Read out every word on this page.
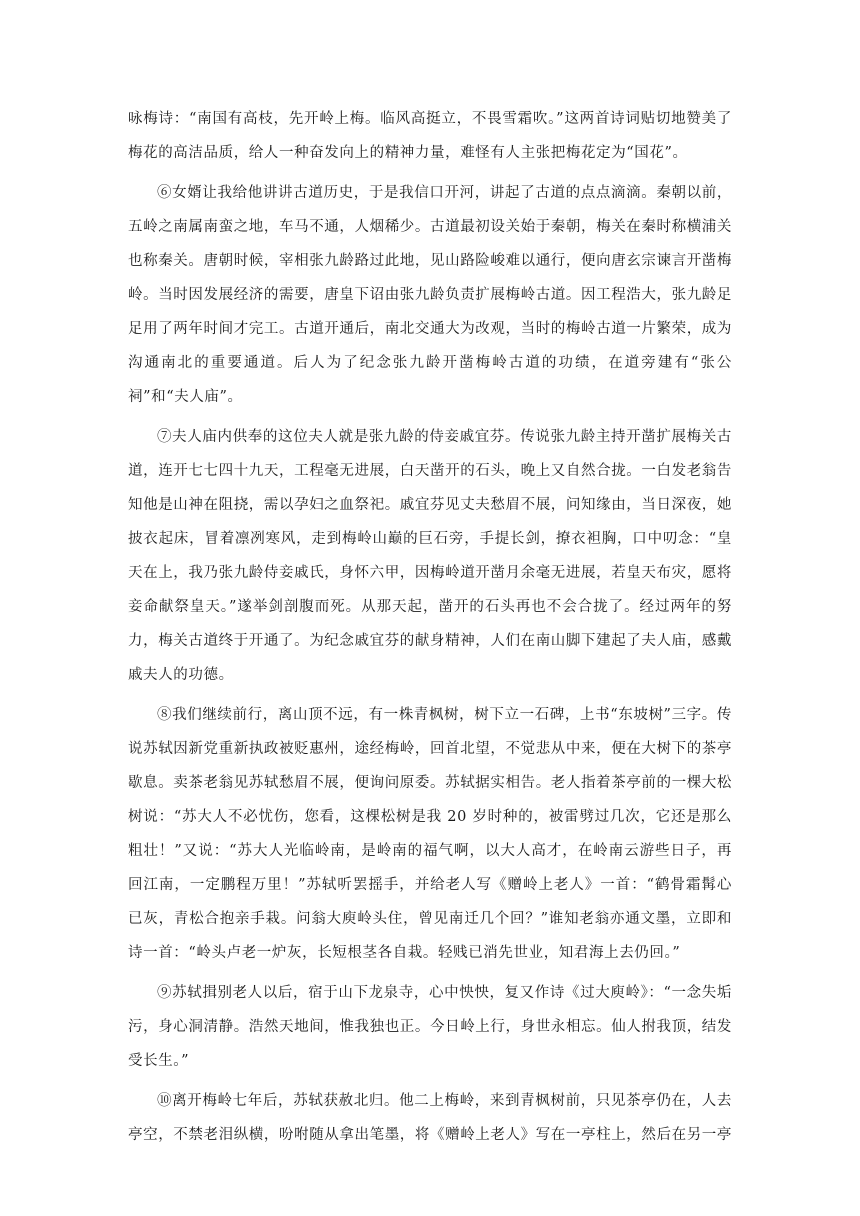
咏梅诗：“南国有高枝，先开岭上梅。临风高挺立，不畏雪霜吹。”这两首诗词贴切地赞美了梅花的高洁品质，给人一种奋发向上的精神力量，难怪有人主张把梅花定为“国花”。

⑥女婿让我给他讲讲古道历史，于是我信口开河，讲起了古道的点点滴滴。秦朝以前，五岭之南属南蛮之地，车马不通，人烟稀少。古道最初设关始于秦朝，梅关在秦时称横浦关也称秦关。唐朝时候，宰相张九龄路过此地，见山路险峻难以通行，便向唐玄宗谏言开凿梅岭。当时因发展经济的需要，唐皇下诏由张九龄负责扩展梅岭古道。因工程浩大，张九龄足足用了两年时间才完工。古道开通后，南北交通大为改观，当时的梅岭古道一片繁荣，成为沟通南北的重要通道。后人为了纪念张九龄开凿梅岭古道的功绩，在道旁建有“张公祠”和“夫人庙”。

⑦夫人庙内供奉的这位夫人就是张九龄的侍妾戚宜芬。传说张九龄主持开凿扩展梅关古道，连开七七四十九天，工程毫无进展，白天凿开的石头，晚上又自然合拢。一白发老翁告知他是山神在阻挠，需以孕妇之血祭祀。戚宜芬见丈夫愁眉不展，问知缘由，当日深夜，她披衣起床，冒着凛冽寒风，走到梅岭山巅的巨石旁，手提长剑，撩衣袒胸，口中叨念：“皇天在上，我乃张九龄侍妾戚氏，身怀六甲，因梅岭道开凿月余毫无进展，若皇天布灾，愿将妾命献祭皇天。”遂举剑剖腹而死。从那天起，凿开的石头再也不会合拢了。经过两年的努力，梅关古道终于开通了。为纪念戚宜芬的献身精神，人们在南山脚下建起了夫人庙，感戴戚夫人的功德。

⑧我们继续前行，离山顶不远，有一株青枫树，树下立一石碑，上书“东坡树”三字。传说苏轼因新党重新执政被贬惠州，途经梅岭，回首北望，不觉悲从中来，便在大树下的茶亭歇息。卖茶老翁见苏轼愁眉不展，便询问原委。苏轼据实相告。老人指着茶亭前的一棵大松树说：“苏大人不必忧伤，您看，这棵松树是我 20 岁时种的，被雷劈过几次，它还是那么粗壮！”又说：“苏大人光临岭南，是岭南的福气啊，以大人高才，在岭南云游些日子，再回江南，一定鹏程万里！”苏轼听罢摇手，并给老人写《赠岭上老人》一首：“鹤骨霜髯心已灰，青松合抱亲手栽。问翁大庾岭头住，曾见南迁几个回？”谁知老翁亦通文墨，立即和诗一首：“岭头卢老一炉灰，长短根茎各自栽。轻贱已消先世业，知君海上去仍回。”

⑨苏轼揖别老人以后，宿于山下龙泉寺，心中怏怏，复又作诗《过大庾岭》：“一念失垢污，身心洞清静。浩然天地间，惟我独也正。今日岭上行，身世永相忘。仙人拊我顶，结发受长生。”

⑩离开梅岭七年后，苏轼获赦北归。他二上梅岭，来到青枫树前，只见茶亭仍在，人去亭空，不禁老泪纵横，吩咐随从拿出笔墨，将《赠岭上老人》写在一亭柱上，然后在另一亭
